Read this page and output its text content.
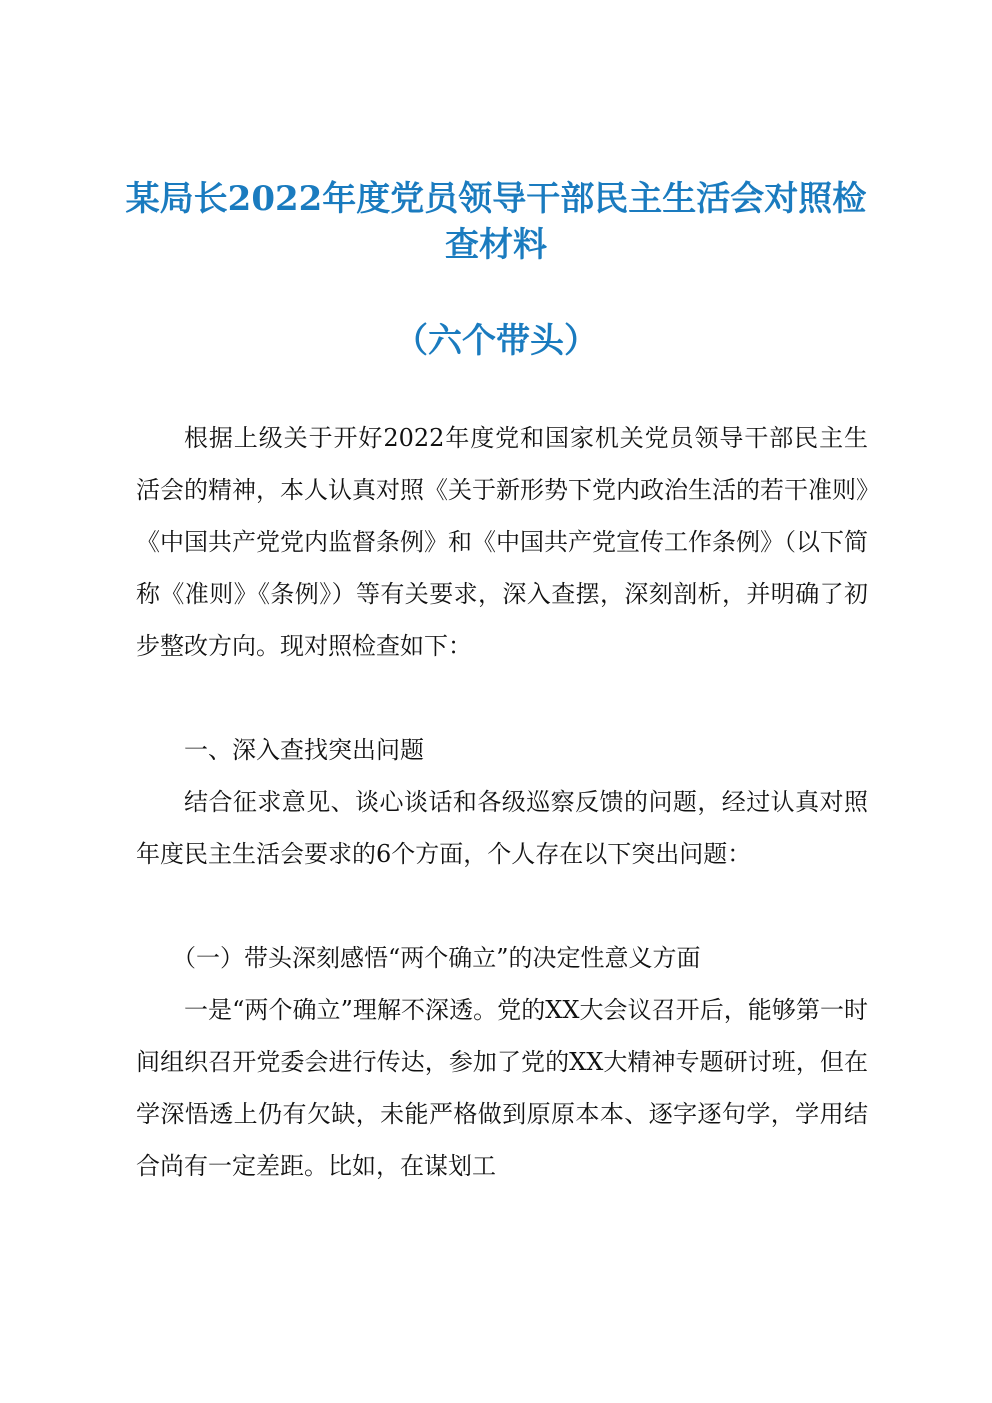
某局长2022年度党员领导干部民主生活会对照检查材料
（六个带头）

根据上级关于开好2022年度党和国家机关党员领导干部民主生活会的精神，本人认真对照《关于新形势下党内政治生活的若干准则》《中国共产党党内监督条例》和《中国共产党宣传工作条例》（以下简称《准则》《条例》）等有关要求，深入查摆，深刻剖析，并明确了初步整改方向。现对照检查如下：

一、深入查找突出问题

结合征求意见、谈心谈话和各级巡察反馈的问题，经过认真对照年度民主生活会要求的6个方面，个人存在以下突出问题：

（一）带头深刻感悟“两个确立”的决定性意义方面

一是“两个确立”理解不深透。党的XX大会议召开后，能够第一时间组织召开党委会进行传达，参加了党的XX大精神专题研讨班，但在学深悟透上仍有欠缺，未能严格做到原原本本、逐字逐句学，学用结合尚有一定差距。比如，在谋划工
